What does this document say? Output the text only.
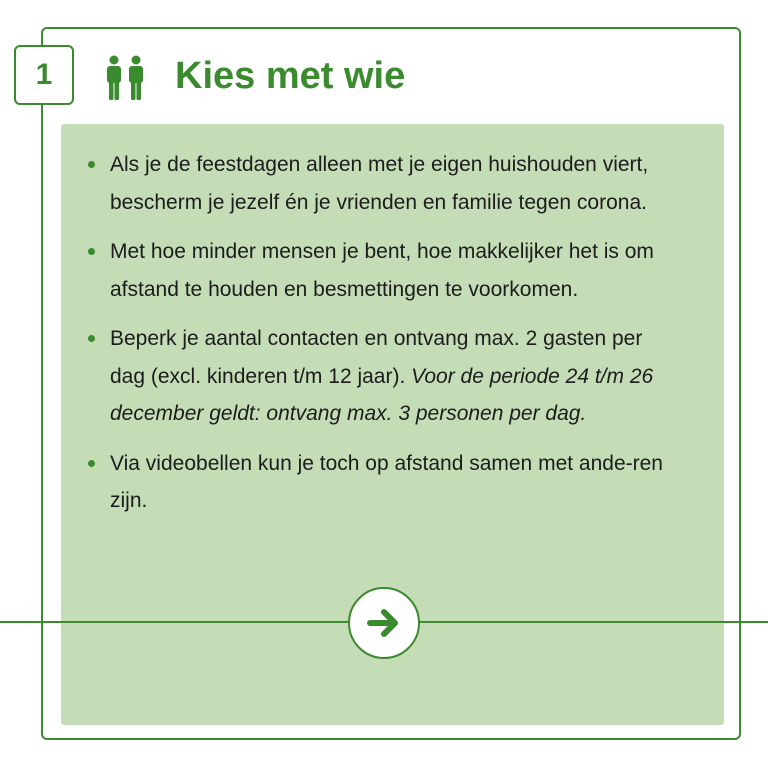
1	Kies met wie
Als je de feestdagen alleen met je eigen huishouden viert, bescherm je jezelf én je vrienden en familie tegen corona.
Met hoe minder mensen je bent, hoe makkelijker het is om afstand te houden en besmettingen te voorkomen.
Beperk je aantal contacten en ontvang max. 2 gasten per dag (excl. kinderen t/m 12 jaar). Voor de periode 24 t/m 26 december geldt: ontvang max. 3 personen per dag.
Via videobellen kun je toch op afstand samen met ande-ren zijn.
